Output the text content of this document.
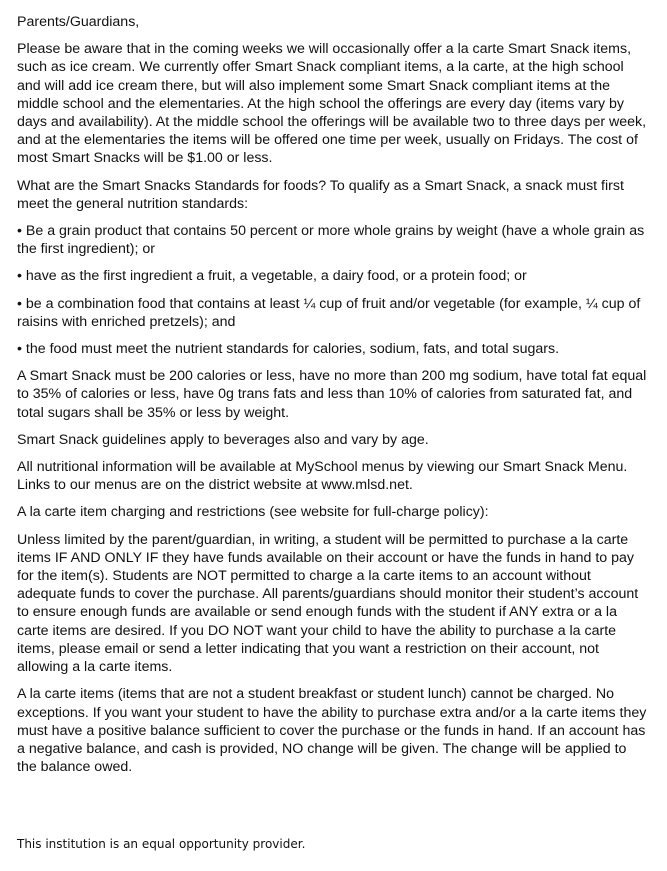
Parents/Guardians,

Please be aware that in the coming weeks we will occasionally offer a la carte Smart Snack items, such as ice cream. We currently offer Smart Snack compliant items, a la carte, at the high school and will add ice cream there, but will also implement some Smart Snack compliant items at the middle school and the elementaries. At the high school the offerings are every day (items vary by days and availability). At the middle school the offerings will be available two to three days per week, and at the elementaries the items will be offered one time per week, usually on Fridays. The cost of most Smart Snacks will be $1.00 or less.

What are the Smart Snacks Standards for foods? To qualify as a Smart Snack, a snack must first meet the general nutrition standards:

• Be a grain product that contains 50 percent or more whole grains by weight (have a whole grain as the first ingredient); or

• have as the first ingredient a fruit, a vegetable, a dairy food, or a protein food; or

• be a combination food that contains at least ¼ cup of fruit and/or vegetable (for example, ¼ cup of raisins with enriched pretzels); and

• the food must meet the nutrient standards for calories, sodium, fats, and total sugars.

A Smart Snack must be 200 calories or less, have no more than 200 mg sodium, have total fat equal to 35% of calories or less, have 0g trans fats and less than 10% of calories from saturated fat, and total sugars shall be 35% or less by weight.

Smart Snack guidelines apply to beverages also and vary by age.

All nutritional information will be available at MySchool menus by viewing our Smart Snack Menu. Links to our menus are on the district website at www.mlsd.net.

A la carte item charging and restrictions (see website for full-charge policy):

Unless limited by the parent/guardian, in writing, a student will be permitted to purchase a la carte items IF AND ONLY IF they have funds available on their account or have the funds in hand to pay for the item(s). Students are NOT permitted to charge a la carte items to an account without adequate funds to cover the purchase. All parents/guardians should monitor their student’s account to ensure enough funds are available or send enough funds with the student if ANY extra or a la carte items are desired. If you DO NOT want your child to have the ability to purchase a la carte items, please email or send a letter indicating that you want a restriction on their account, not allowing a la carte items.

A la carte items (items that are not a student breakfast or student lunch) cannot be charged. No exceptions. If you want your student to have the ability to purchase extra and/or a la carte items they must have a positive balance sufficient to cover the purchase or the funds in hand. If an account has a negative balance, and cash is provided, NO change will be given. The change will be applied to the balance owed.

This institution is an equal opportunity provider.
